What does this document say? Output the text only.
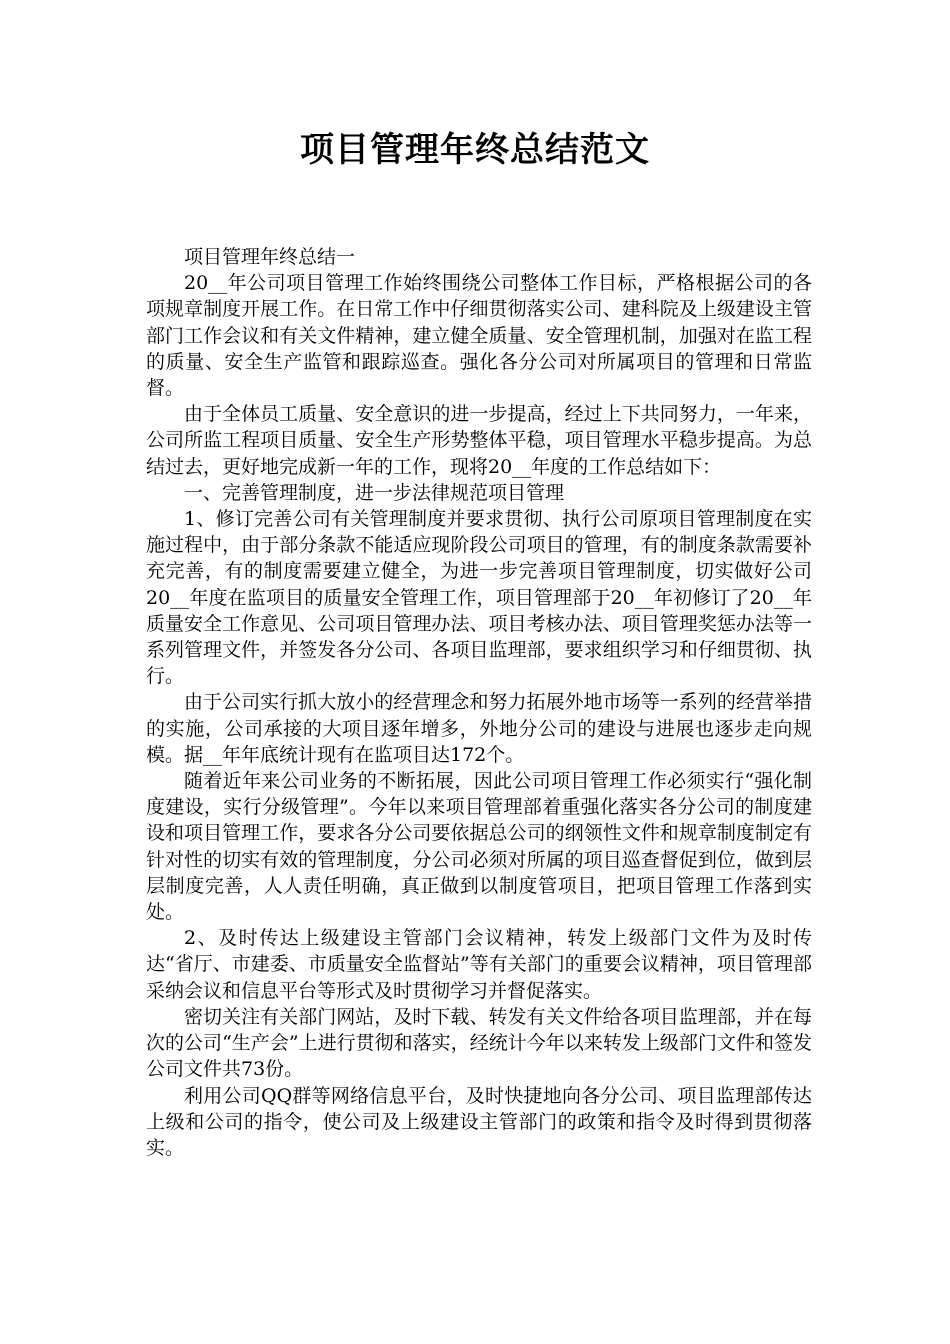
项目管理年终总结范文

项目管理年终总结一

20__年公司项目管理工作始终围绕公司整体工作目标，严格根据公司的各项规章制度开展工作。在日常工作中仔细贯彻落实公司、建科院及上级建设主管部门工作会议和有关文件精神，建立健全质量、安全管理机制，加强对在监工程的质量、安全生产监管和跟踪巡查。强化各分公司对所属项目的管理和日常监督。

由于全体员工质量、安全意识的进一步提高，经过上下共同努力，一年来，公司所监工程项目质量、安全生产形势整体平稳，项目管理水平稳步提高。为总结过去，更好地完成新一年的工作，现将20__年度的工作总结如下：

一、完善管理制度，进一步法律规范项目管理

1、修订完善公司有关管理制度并要求贯彻、执行公司原项目管理制度在实施过程中，由于部分条款不能适应现阶段公司项目的管理，有的制度条款需要补充完善，有的制度需要建立健全，为进一步完善项目管理制度，切实做好公司20__年度在监项目的质量安全管理工作，项目管理部于20__年初修订了20__年质量安全工作意见、公司项目管理办法、项目考核办法、项目管理奖惩办法等一系列管理文件，并签发各分公司、各项目监理部，要求组织学习和仔细贯彻、执行。

由于公司实行抓大放小的经营理念和努力拓展外地市场等一系列的经营举措的实施，公司承接的大项目逐年增多，外地分公司的建设与进展也逐步走向规模。据__年年底统计现有在监项目达172个。

随着近年来公司业务的不断拓展，因此公司项目管理工作必须实行“强化制度建设，实行分级管理”。今年以来项目管理部着重强化落实各分公司的制度建设和项目管理工作，要求各分公司要依据总公司的纲领性文件和规章制度制定有针对性的切实有效的管理制度，分公司必须对所属的项目巡查督促到位，做到层层制度完善，人人责任明确，真正做到以制度管项目，把项目管理工作落到实处。

2、及时传达上级建设主管部门会议精神，转发上级部门文件为及时传达“省厅、市建委、市质量安全监督站”等有关部门的重要会议精神，项目管理部采纳会议和信息平台等形式及时贯彻学习并督促落实。

密切关注有关部门网站，及时下载、转发有关文件给各项目监理部，并在每次的公司“生产会”上进行贯彻和落实，经统计今年以来转发上级部门文件和签发公司文件共73份。

利用公司QQ群等网络信息平台，及时快捷地向各分公司、项目监理部传达上级和公司的指令，使公司及上级建设主管部门的政策和指令及时得到贯彻落实。
